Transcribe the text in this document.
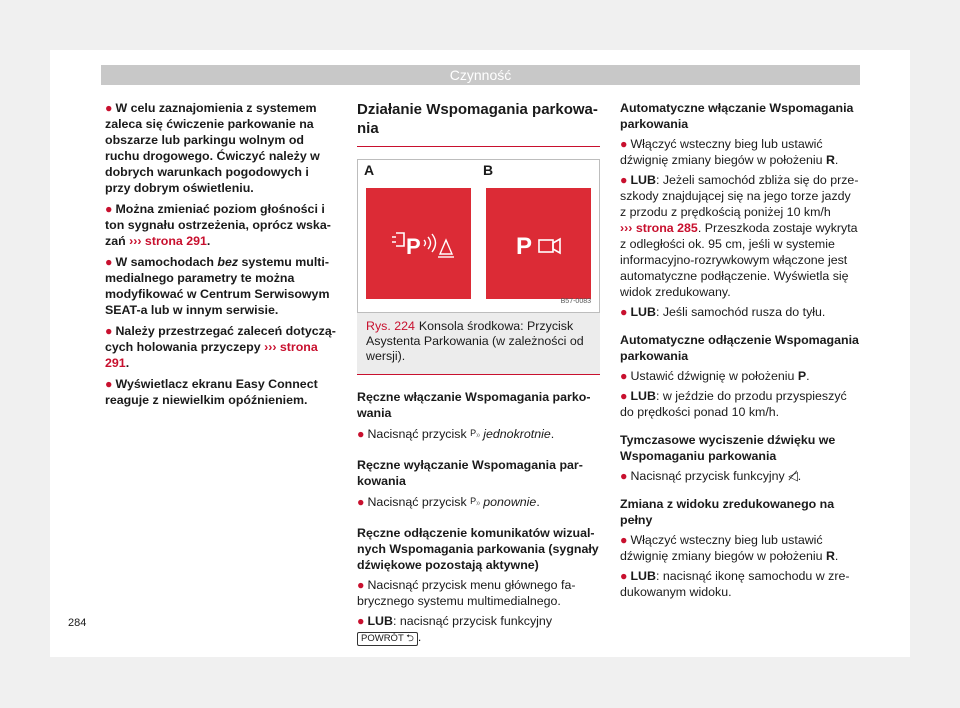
Czynność

● W celu zaznajomienia z systemem zaleca się ćwiczenie parkowanie na obszarze lub parkingu wolnym od ruchu drogowego. Ćwiczyć należy w dobrych warunkach pogodowych i przy dobrym oświetleniu.

● Można zmieniać poziom głośności i ton sygnału ostrzeżenia, oprócz wskazań ››› strona 291.

● W samochodach bez systemu multimedialnego parametry te można modyfikować w Centrum Serwisowym SEAT-a lub w innym serwisie.

● Należy przestrzegać zaleceń dotyczących holowania przyczepy ››› strona 291.

● Wyświetlacz ekranu Easy Connect reaguje z niewielkim opóźnieniem.

Działanie Wspomagania parkowania
A	B
P	P
B57-0083
Rys. 224 Konsola środkowa: Przycisk Asystenta Parkowania (w zależności od wersji).
Ręczne włączanie Wspomagania parkowania

● Nacisnąć przycisk $P_{^{))}}$ jednokrotnie.

Ręczne wyłączanie Wspomagania parkowania

● Nacisnąć przycisk $P_{^{))}}$ ponownie.

Ręczne odłączenie komunikatów wizualnych Wspomagania parkowania (sygnały dźwiękowe pozostają aktywne)

● Nacisnąć przycisk menu głównego fabrycznego systemu multimedialnego.

● LUB: nacisnąć przycisk funkcyjny
POWRÓT ⮌ .

Automatyczne włączanie Wspomagania parkowania

● Włączyć wsteczny bieg lub ustawić dźwignię zmiany biegów w położeniu R.

● LUB: Jeżeli samochód zbliża się do przeszkody znajdującej się na jego torze jazdy z przodu z prędkością poniżej 10 km/h
››› strona 285. Przeszkoda zostaje wykryta z odległości ok. 95 cm, jeśli w systemie informacyjno-rozrywkowym włączone jest automatyczne podłączenie. Wyświetla się widok zredukowany.

● LUB: Jeśli samochód rusza do tyłu.

Automatyczne odłączenie Wspomagania parkowania

● Ustawić dźwignię w położeniu P.

● LUB: w jeździe do przodu przyspieszyć do prędkości ponad 10 km/h.

Tymczasowe wyciszenie dźwięku we Wspomaganiu parkowania

● Nacisnąć przycisk funkcyjny ◁̸.

Zmiana z widoku zredukowanego na pełny

● Włączyć wsteczny bieg lub ustawić dźwignię zmiany biegów w położeniu R.

● LUB: nacisnąć ikonę samochodu w zredukowanym widoku.

284
